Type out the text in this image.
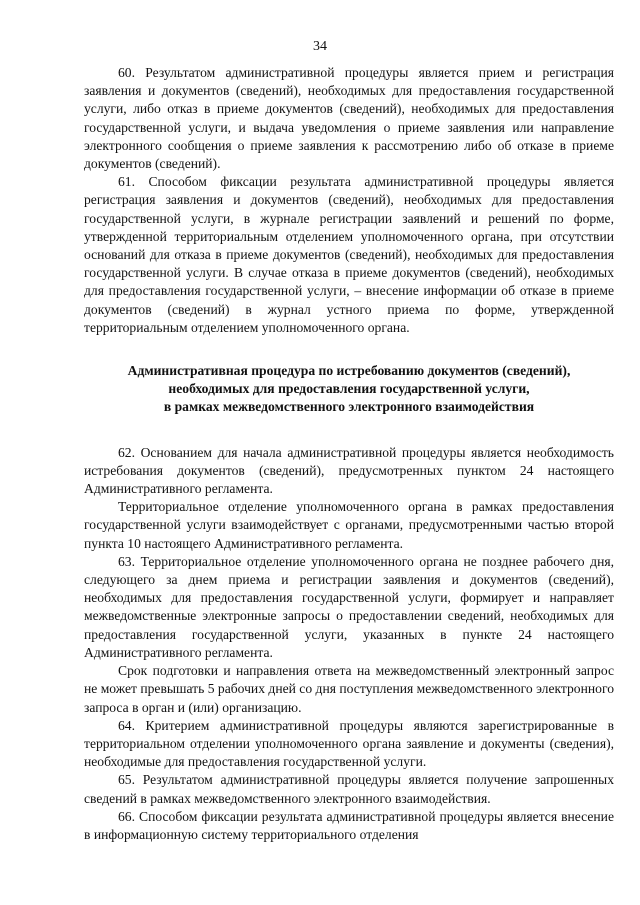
34

60. Результатом административной процедуры является прием и регистрация заявления и документов (сведений), необходимых для предоставления государственной услуги, либо отказ в приеме документов (сведений), необходимых для предоставления государственной услуги, и выдача уведомления о приеме заявления или направление электронного сообщения о приеме заявления к рассмотрению либо об отказе в приеме документов (сведений).

61. Способом фиксации результата административной процедуры является регистрация заявления и документов (сведений), необходимых для предоставления государственной услуги, в журнале регистрации заявлений и решений по форме, утвержденной территориальным отделением уполномоченного органа, при отсутствии оснований для отказа в приеме документов (сведений), необходимых для предоставления государственной услуги. В случае отказа в приеме документов (сведений), необходимых для предоставления государственной услуги, – внесение информации об отказе в приеме документов (сведений) в журнал устного приема по форме, утвержденной территориальным отделением уполномоченного органа.

Административная процедура по истребованию документов (сведений),
необходимых для предоставления государственной услуги,
в рамках межведомственного электронного взаимодействия

62. Основанием для начала административной процедуры является необходимость истребования документов (сведений), предусмотренных пунктом 24 настоящего Административного регламента.

Территориальное отделение уполномоченного органа в рамках предоставления государственной услуги взаимодействует с органами, предусмотренными частью второй пункта 10 настоящего Административного регламента.

63. Территориальное отделение уполномоченного органа не позднее рабочего дня, следующего за днем приема и регистрации заявления и документов (сведений), необходимых для предоставления государственной услуги, формирует и направляет межведомственные электронные запросы о предоставлении сведений, необходимых для предоставления государственной услуги, указанных в пункте 24 настоящего Административного регламента.

Срок подготовки и направления ответа на межведомственный электронный запрос не может превышать 5 рабочих дней со дня поступления межведомственного электронного запроса в орган и (или) организацию.

64. Критерием административной процедуры являются зарегистрированные в территориальном отделении уполномоченного органа заявление и документы (сведения), необходимые для предоставления государственной услуги.

65. Результатом административной процедуры является получение запрошенных сведений в рамках межведомственного электронного взаимодействия.

66. Способом фиксации результата административной процедуры является внесение в информационную систему территориального отделения
